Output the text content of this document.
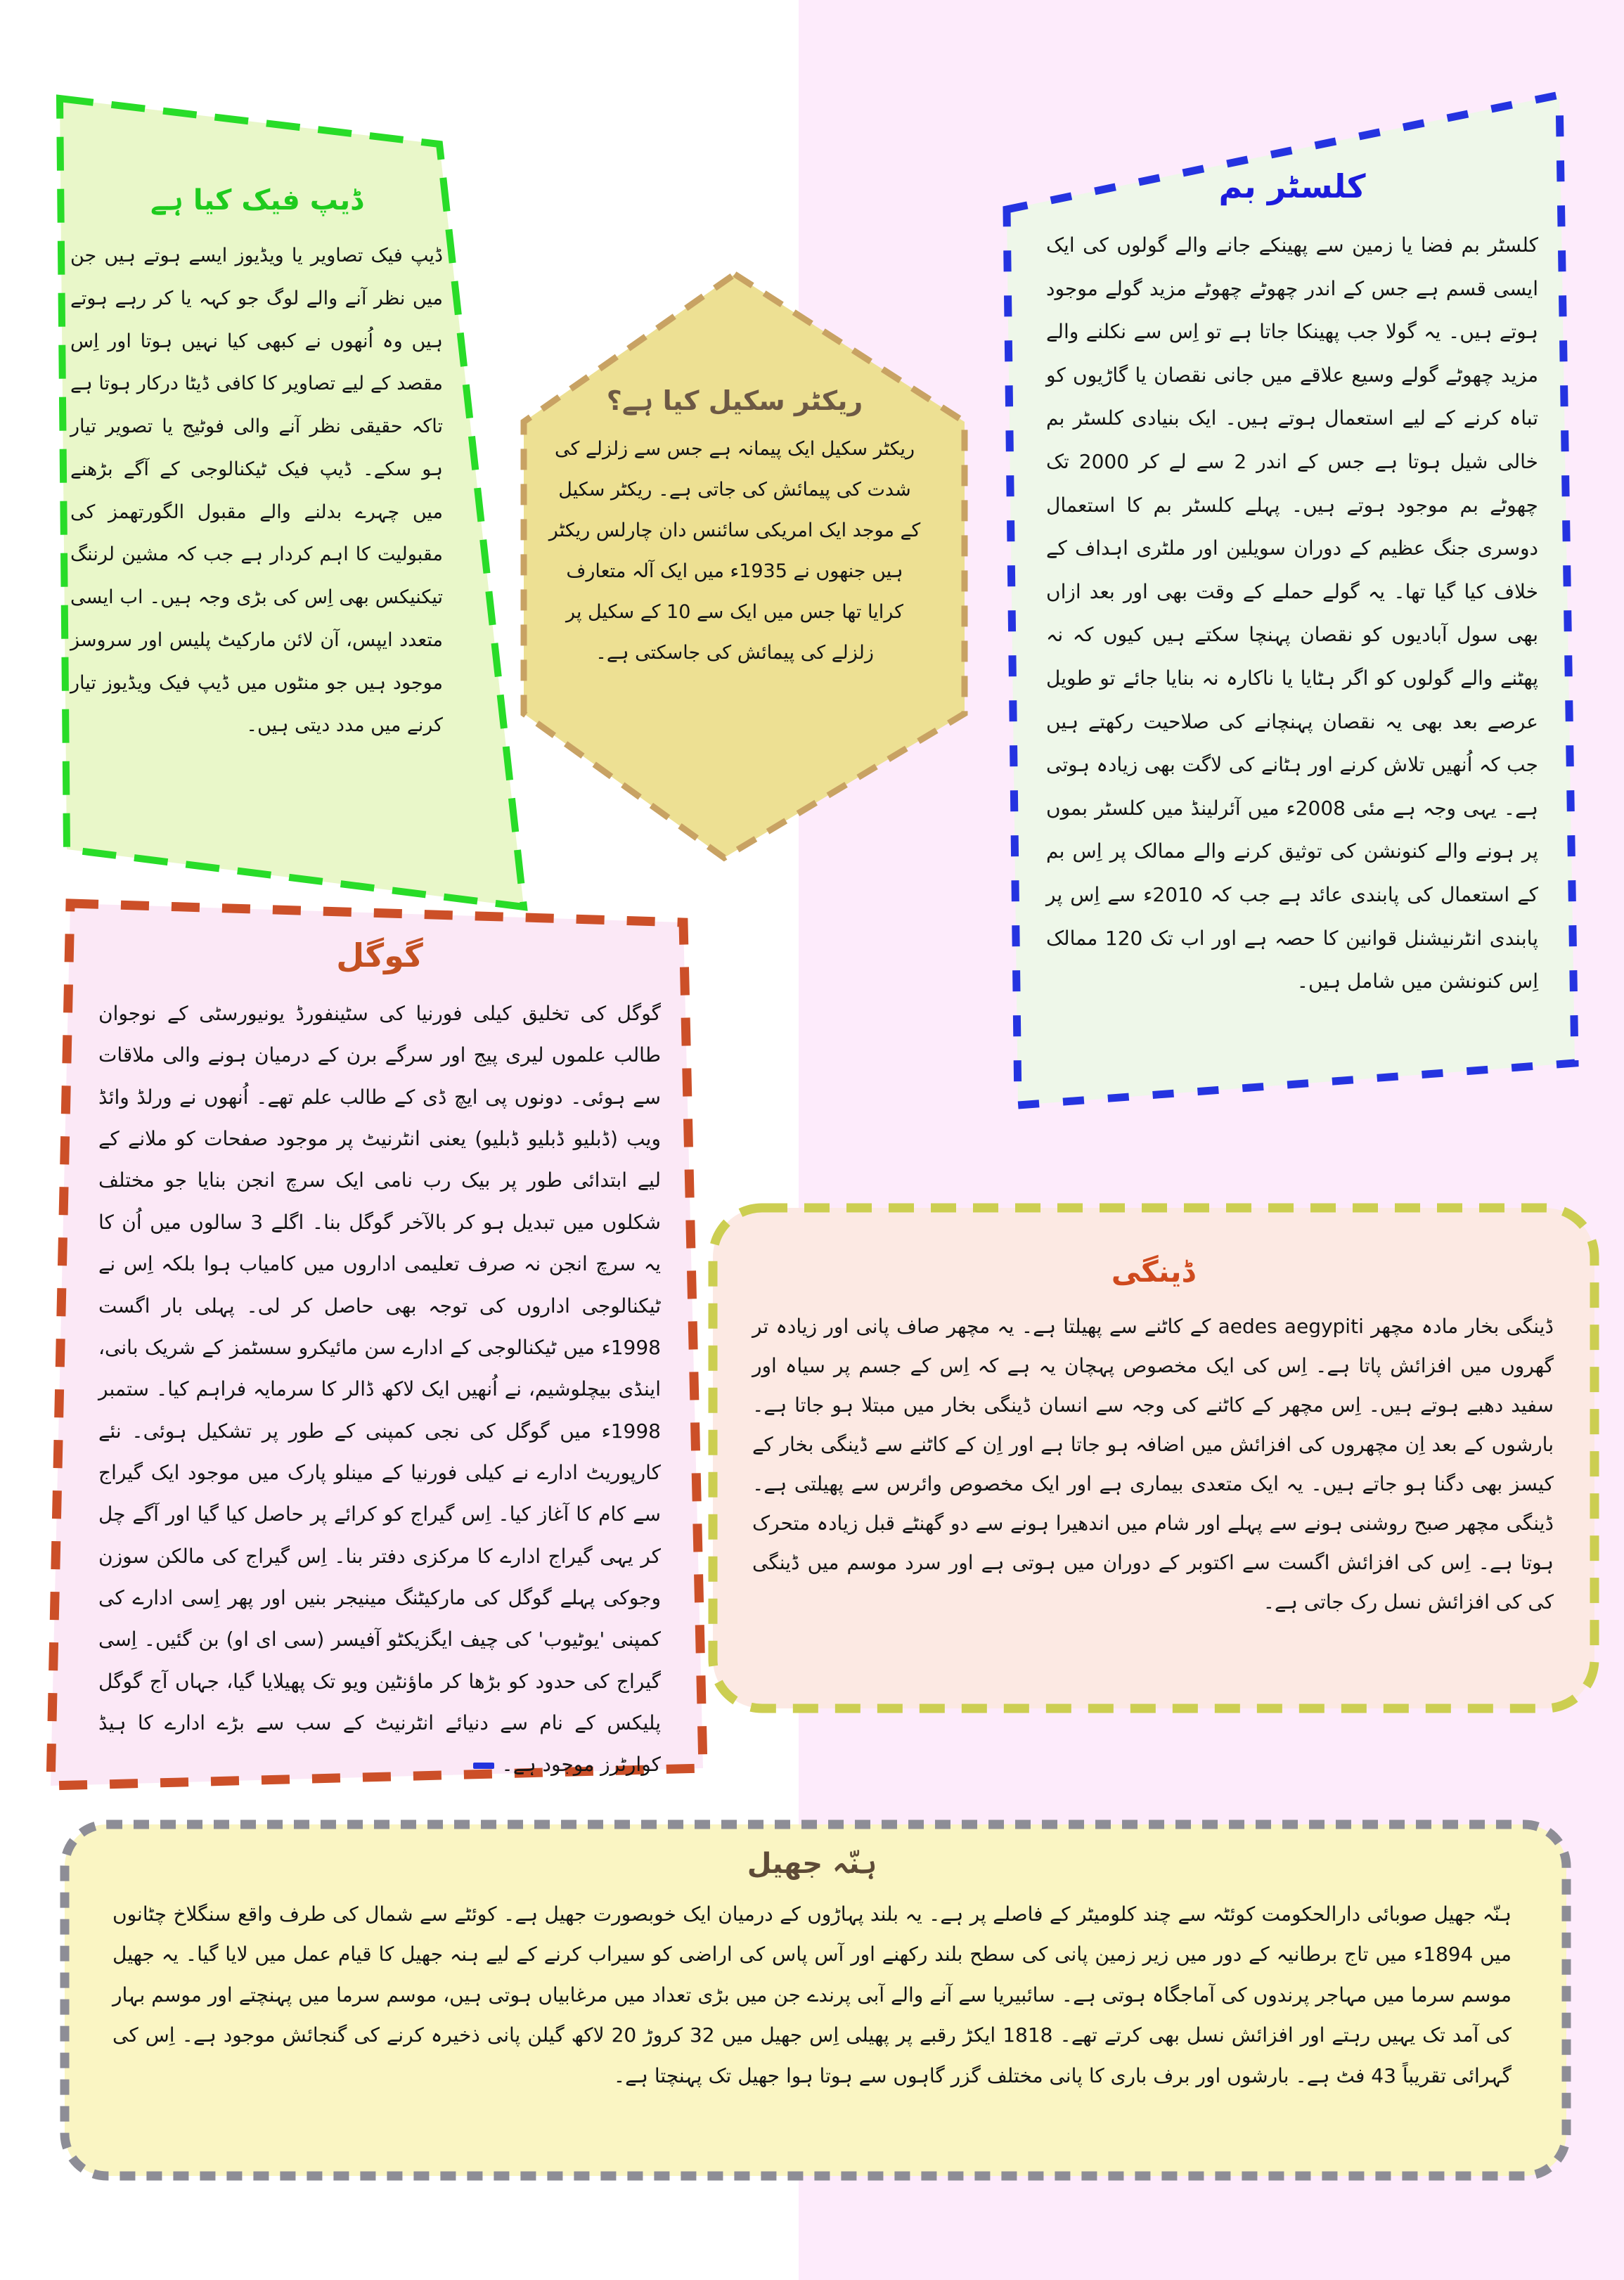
ڈیپ فیک کیا ہے

ڈیپ فیک تصاویر یا ویڈیوز ایسے ہوتے ہیں جن میں نظر آنے والے لوگ جو کہہ یا کر رہے ہوتے ہیں وہ اُنھوں نے کبھی کیا نہیں ہوتا اور اِس مقصد کے لیے تصاویر کا کافی ڈیٹا درکار ہوتا ہے تاکہ حقیقی نظر آنے والی فوٹیج یا تصویر تیار ہو سکے۔ ڈیپ فیک ٹیکنالوجی کے آگے بڑھنے میں چہرے بدلنے والے مقبول الگورتھمز کی مقبولیت کا اہم کردار ہے جب کہ مشین لرننگ تیکنیکس بھی اِس کی بڑی وجہ ہیں۔ اب ایسی متعدد ایپس، آن لائن مارکیٹ پلیس اور سروسز موجود ہیں جو منٹوں میں ڈیپ فیک ویڈیوز تیار کرنے میں مدد دیتی ہیں۔

ریکٹر سکیل کیا ہے؟

ریکٹر سکیل ایک پیمانہ ہے جس سے زلزلے کی شدت کی پیمائش کی جاتی ہے۔ ریکٹر سکیل کے موجد ایک امریکی سائنس دان چارلس ریکٹر ہیں جنھوں نے 1935ء میں ایک آلہ متعارف کرایا تھا جس میں ایک سے 10 کے سکیل پر زلزلے کی پیمائش کی جاسکتی ہے۔

کلسٹر بم

کلسٹر بم فضا یا زمین سے پھینکے جانے والے گولوں کی ایک ایسی قسم ہے جس کے اندر چھوٹے چھوٹے مزید گولے موجود ہوتے ہیں۔ یہ گولا جب پھینکا جاتا ہے تو اِس سے نکلنے والے مزید چھوٹے گولے وسیع علاقے میں جانی نقصان یا گاڑیوں کو تباہ کرنے کے لیے استعمال ہوتے ہیں۔ ایک بنیادی کلسٹر بم خالی شیل ہوتا ہے جس کے اندر 2 سے لے کر 2000 تک چھوٹے بم موجود ہوتے ہیں۔ پہلے کلسٹر بم کا استعمال دوسری جنگ عظیم کے دوران سویلین اور ملٹری اہداف کے خلاف کیا گیا تھا۔ یہ گولے حملے کے وقت بھی اور بعد ازاں بھی سول آبادیوں کو نقصان پہنچا سکتے ہیں کیوں کہ نہ پھٹنے والے گولوں کو اگر ہٹایا یا ناکارہ نہ بنایا جائے تو طویل عرصے بعد بھی یہ نقصان پہنچانے کی صلاحیت رکھتے ہیں جب کہ اُنھیں تلاش کرنے اور ہٹانے کی لاگت بھی زیادہ ہوتی ہے۔ یہی وجہ ہے مئی 2008ء میں آئرلینڈ میں کلسٹر بموں پر ہونے والے کنونشن کی توثیق کرنے والے ممالک پر اِس بم کے استعمال کی پابندی عائد ہے جب کہ 2010ء سے اِس پر پابندی انٹرنیشنل قوانین کا حصہ ہے اور اب تک 120 ممالک اِس کنونشن میں شامل ہیں۔

گوگل

گوگل کی تخلیق کیلی فورنیا کی سٹینفورڈ یونیورسٹی کے نوجوان طالب علموں لیری پیج اور سرگے برن کے درمیان ہونے والی ملاقات سے ہوئی۔ دونوں پی ایچ ڈی کے طالب علم تھے۔ اُنھوں نے ورلڈ وائڈ ویب (ڈبلیو ڈبلیو ڈبلیو) یعنی انٹرنیٹ پر موجود صفحات کو ملانے کے لیے ابتدائی طور پر بیک رب نامی ایک سرچ انجن بنایا جو مختلف شکلوں میں تبدیل ہو کر بالآخر گوگل بنا۔ اگلے 3 سالوں میں اُن کا یہ سرچ انجن نہ صرف تعلیمی اداروں میں کامیاب ہوا بلکہ اِس نے ٹیکنالوجی اداروں کی توجہ بھی حاصل کر لی۔ پہلی بار اگست 1998ء میں ٹیکنالوجی کے ادارے سن مائیکرو سسٹمز کے شریک بانی، اینڈی بیچلوشیم، نے اُنھیں ایک لاکھ ڈالر کا سرمایہ فراہم کیا۔ ستمبر 1998ء میں گوگل کی نجی کمپنی کے طور پر تشکیل ہوئی۔ نئے کارپوریٹ ادارے نے کیلی فورنیا کے مینلو پارک میں موجود ایک گیراج سے کام کا آغاز کیا۔ اِس گیراج کو کرائے پر حاصل کیا گیا اور آگے چل کر یہی گیراج ادارے کا مرکزی دفتر بنا۔ اِس گیراج کی مالکن سوزن وجوکی پہلے گوگل کی مارکیٹنگ مینیجر بنیں اور پھر اِسی ادارے کی کمپنی 'یوٹیوب' کی چیف ایگزیکٹو آفیسر (سی ای او) بن گئیں۔ اِسی گیراج کی حدود کو بڑھا کر ماؤنٹین ویو تک پھیلایا گیا، جہاں آج گوگل پلیکس کے نام سے دنیائے انٹرنیٹ کے سب سے بڑے ادارے کا ہیڈ کوارٹرز موجود ہے۔

ڈینگی

ڈینگی بخار مادہ مچھر aedes aegypiti کے کاٹنے سے پھیلتا ہے۔ یہ مچھر صاف پانی اور زیادہ تر گھروں میں افزائش پاتا ہے۔ اِس کی ایک مخصوص پہچان یہ ہے کہ اِس کے جسم پر سیاہ اور سفید دھبے ہوتے ہیں۔ اِس مچھر کے کاٹنے کی وجہ سے انسان ڈینگی بخار میں مبتلا ہو جاتا ہے۔ بارشوں کے بعد اِن مچھروں کی افزائش میں اضافہ ہو جاتا ہے اور اِن کے کاٹنے سے ڈینگی بخار کے کیسز بھی دگنا ہو جاتے ہیں۔ یہ ایک متعدی بیماری ہے اور ایک مخصوص وائرس سے پھیلتی ہے۔ ڈینگی مچھر صبح روشنی ہونے سے پہلے اور شام میں اندھیرا ہونے سے دو گھنٹے قبل زیادہ متحرک ہوتا ہے۔ اِس کی افزائش اگست سے اکتوبر کے دوران میں ہوتی ہے اور سرد موسم میں ڈینگی کی کی افزائش نسل رک جاتی ہے۔

ہنّہ جھیل

ہنّہ جھیل صوبائی دارالحکومت کوئٹہ سے چند کلومیٹر کے فاصلے پر ہے۔ یہ بلند پہاڑوں کے درمیان ایک خوبصورت جھیل ہے۔ کوئٹے سے شمال کی طرف واقع سنگلاخ چٹانوں میں 1894ء میں تاج برطانیہ کے دور میں زیر زمین پانی کی سطح بلند رکھنے اور آس پاس کی اراضی کو سیراب کرنے کے لیے ہنہ جھیل کا قیام عمل میں لایا گیا۔ یہ جھیل موسم سرما میں مہاجر پرندوں کی آماجگاہ ہوتی ہے۔ سائبیریا سے آنے والے آبی پرندے جن میں بڑی تعداد میں مرغابیاں ہوتی ہیں، موسم سرما میں پہنچتے اور موسم بہار کی آمد تک یہیں رہتے اور افزائش نسل بھی کرتے تھے۔ 1818 ایکڑ رقبے پر پھیلی اِس جھیل میں 32 کروڑ 20 لاکھ گیلن پانی ذخیرہ کرنے کی گنجائش موجود ہے۔ اِس کی گہرائی تقریباً 43 فٹ ہے۔ بارشوں اور برف باری کا پانی مختلف گزر گاہوں سے ہوتا ہوا جھیل تک پہنچتا ہے۔
